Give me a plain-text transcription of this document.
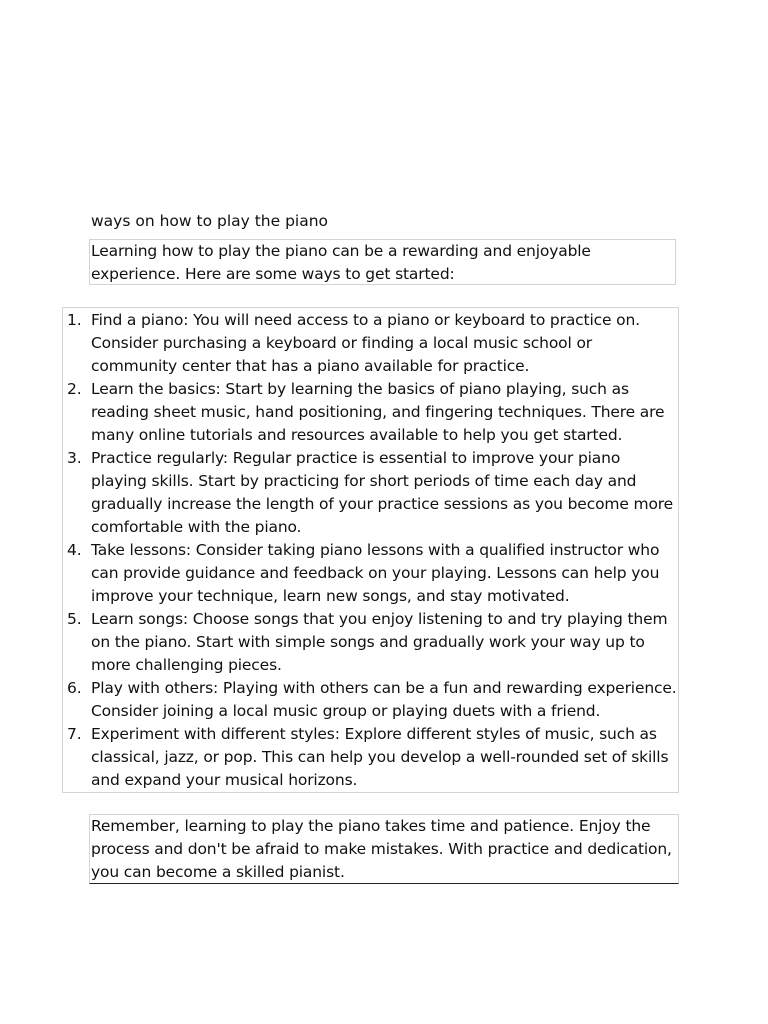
ways on how to play the piano

Learning how to play the piano can be a rewarding and enjoyable experience. Here are some ways to get started:

1. Find a piano: You will need access to a piano or keyboard to practice on. Consider purchasing a keyboard or finding a local music school or community center that has a piano available for practice.
2. Learn the basics: Start by learning the basics of piano playing, such as reading sheet music, hand positioning, and fingering techniques. There are many online tutorials and resources available to help you get started.
3. Practice regularly: Regular practice is essential to improve your piano playing skills. Start by practicing for short periods of time each day and gradually increase the length of your practice sessions as you become more comfortable with the piano.
4. Take lessons: Consider taking piano lessons with a qualified instructor who can provide guidance and feedback on your playing. Lessons can help you improve your technique, learn new songs, and stay motivated.
5. Learn songs: Choose songs that you enjoy listening to and try playing them on the piano. Start with simple songs and gradually work your way up to more challenging pieces.
6. Play with others: Playing with others can be a fun and rewarding experience. Consider joining a local music group or playing duets with a friend.
7. Experiment with different styles: Explore different styles of music, such as classical, jazz, or pop. This can help you develop a well-rounded set of skills and expand your musical horizons.

Remember, learning to play the piano takes time and patience. Enjoy the process and don't be afraid to make mistakes. With practice and dedication, you can become a skilled pianist.
